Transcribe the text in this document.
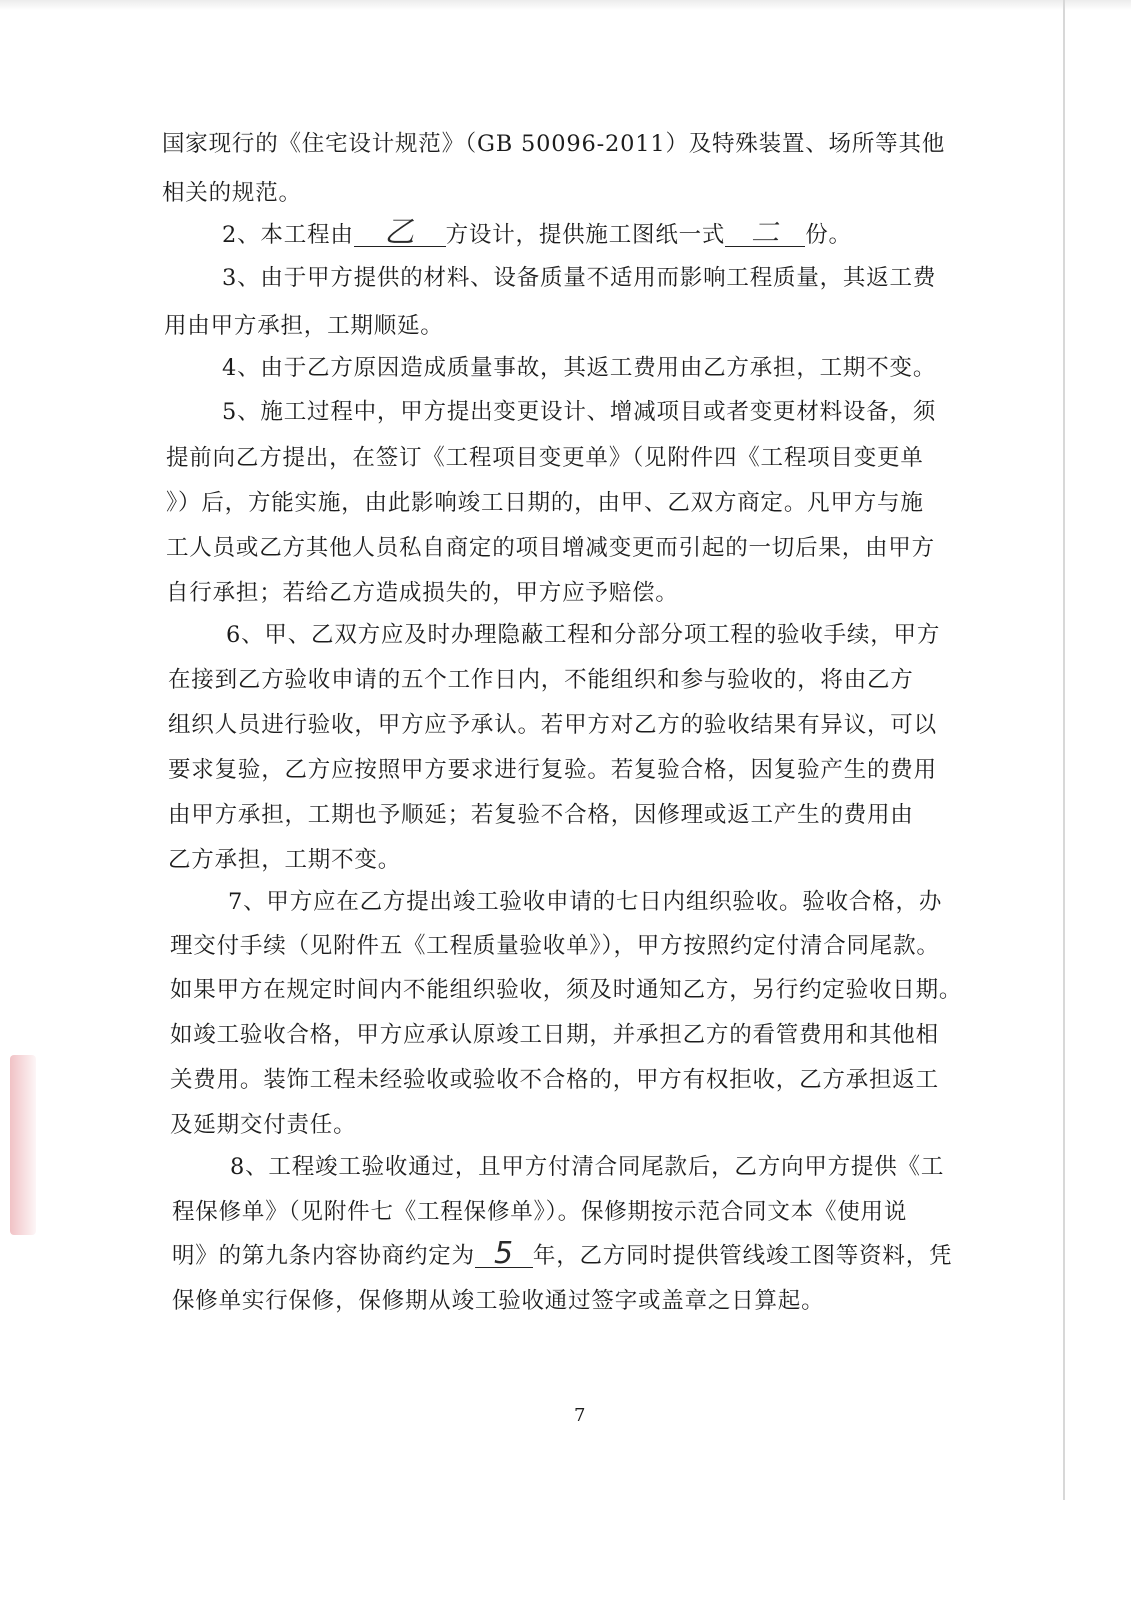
国家现行的《住宅设计规范》（GB 50096-2011）及特殊装置、场所等其他
相关的规范。
2、本工程由 乙 方设计，提供施工图纸一式 二 份。
3、由于甲方提供的材料、设备质量不适用而影响工程质量，其返工费
用由甲方承担，工期顺延。
4、由于乙方原因造成质量事故，其返工费用由乙方承担，工期不变。
5、施工过程中，甲方提出变更设计、增减项目或者变更材料设备，须
提前向乙方提出，在签订《工程项目变更单》（见附件四《工程项目变更单
》）后，方能实施，由此影响竣工日期的，由甲、乙双方商定。凡甲方与施
工人员或乙方其他人员私自商定的项目增减变更而引起的一切后果，由甲方
自行承担；若给乙方造成损失的，甲方应予赔偿。
6、甲、乙双方应及时办理隐蔽工程和分部分项工程的验收手续，甲方
在接到乙方验收申请的五个工作日内，不能组织和参与验收的，将由乙方
组织人员进行验收，甲方应予承认。若甲方对乙方的验收结果有异议，可以
要求复验，乙方应按照甲方要求进行复验。若复验合格，因复验产生的费用
由甲方承担，工期也予顺延；若复验不合格，因修理或返工产生的费用由
乙方承担，工期不变。
7、甲方应在乙方提出竣工验收申请的七日内组织验收。验收合格，办
理交付手续（见附件五《工程质量验收单》），甲方按照约定付清合同尾款。
如果甲方在规定时间内不能组织验收，须及时通知乙方，另行约定验收日期。
如竣工验收合格，甲方应承认原竣工日期，并承担乙方的看管费用和其他相
关费用。装饰工程未经验收或验收不合格的，甲方有权拒收，乙方承担返工
及延期交付责任。
8、工程竣工验收通过，且甲方付清合同尾款后，乙方向甲方提供《工
程保修单》（见附件七《工程保修单》）。保修期按示范合同文本《使用说
明》的第九条内容协商约定为 5 年，乙方同时提供管线竣工图等资料，凭
保修单实行保修，保修期从竣工验收通过签字或盖章之日算起。
7
